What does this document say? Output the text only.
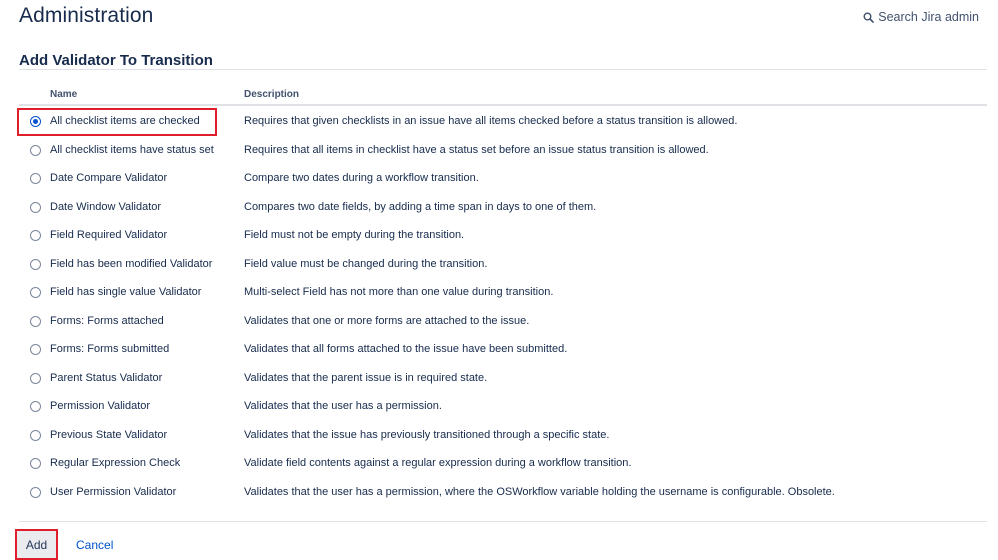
Administration	Search Jira admin
Add Validator To Transition
Name	Description
All checklist items are checked	Requires that given checklists in an issue have all items checked before a status transition is allowed.
All checklist items have status set	Requires that all items in checklist have a status set before an issue status transition is allowed.
Date Compare Validator	Compare two dates during a workflow transition.
Date Window Validator	Compares two date fields, by adding a time span in days to one of them.
Field Required Validator	Field must not be empty during the transition.
Field has been modified Validator	Field value must be changed during the transition.
Field has single value Validator	Multi-select Field has not more than one value during transition.
Forms: Forms attached	Validates that one or more forms are attached to the issue.
Forms: Forms submitted	Validates that all forms attached to the issue have been submitted.
Parent Status Validator	Validates that the parent issue is in required state.
Permission Validator	Validates that the user has a permission.
Previous State Validator	Validates that the issue has previously transitioned through a specific state.
Regular Expression Check	Validate field contents against a regular expression during a workflow transition.
User Permission Validator	Validates that the user has a permission, where the OSWorkflow variable holding the username is configurable. Obsolete.
Add	Cancel
